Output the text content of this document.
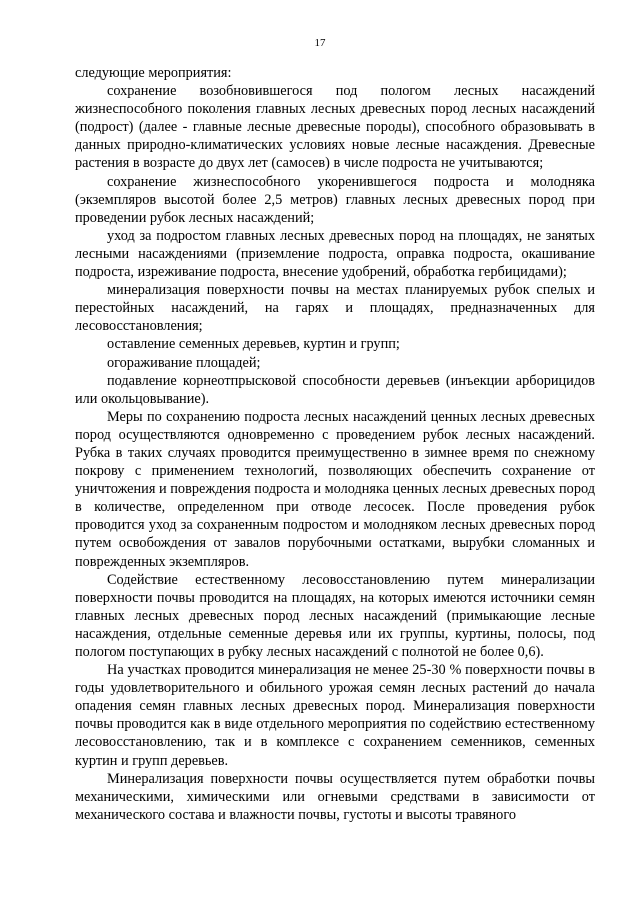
17

следующие мероприятия:

сохранение возобновившегося под пологом лесных насаждений жизнеспособного поколения главных лесных древесных пород лесных насаждений (подрост) (далее - главные лесные древесные породы), способного образовывать в данных природно-климатических условиях новые лесные насаждения. Древесные растения в возрасте до двух лет (самосев) в числе подроста не учитываются;

сохранение жизнеспособного укоренившегося подроста и молодняка (экземпляров высотой более 2,5 метров) главных лесных древесных пород при проведении рубок лесных насаждений;

уход за подростом главных лесных древесных пород на площадях, не занятых лесными насаждениями (приземление подроста, оправка подроста, окашивание подроста, изреживание подроста, внесение удобрений, обработка гербицидами);

минерализация поверхности почвы на местах планируемых рубок спелых и перестойных насаждений, на гарях и площадях, предназначенных для лесовосстановления;

оставление семенных деревьев, куртин и групп;

огораживание площадей;

подавление корнеотпрысковой способности деревьев (инъекции арборицидов или окольцовывание).

Меры по сохранению подроста лесных насаждений ценных лесных древесных пород осуществляются одновременно с проведением рубок лесных насаждений. Рубка в таких случаях проводится преимущественно в зимнее время по снежному покрову с применением технологий, позволяющих обеспечить сохранение от уничтожения и повреждения подроста и молодняка ценных лесных древесных пород в количестве, определенном при отводе лесосек. После проведения рубок проводится уход за сохраненным подростом и молодняком лесных древесных пород путем освобождения от завалов порубочными остатками, вырубки сломанных и поврежденных экземпляров.

Содействие естественному лесовосстановлению путем минерализации поверхности почвы проводится на площадях, на которых имеются источники семян главных лесных древесных пород лесных насаждений (примыкающие лесные насаждения, отдельные семенные деревья или их группы, куртины, полосы, под пологом поступающих в рубку лесных насаждений с полнотой не более 0,6).

На участках проводится минерализация не менее 25-30 % поверхности почвы в годы удовлетворительного и обильного урожая семян лесных растений до начала опадения семян главных лесных древесных пород. Минерализация поверхности почвы проводится как в виде отдельного мероприятия по содействию естественному лесовосстановлению, так и в комплексе с сохранением семенников, семенных куртин и групп деревьев.

Минерализация поверхности почвы осуществляется путем обработки почвы механическими, химическими или огневыми средствами в зависимости от механического состава и влажности почвы, густоты и высоты травяного
